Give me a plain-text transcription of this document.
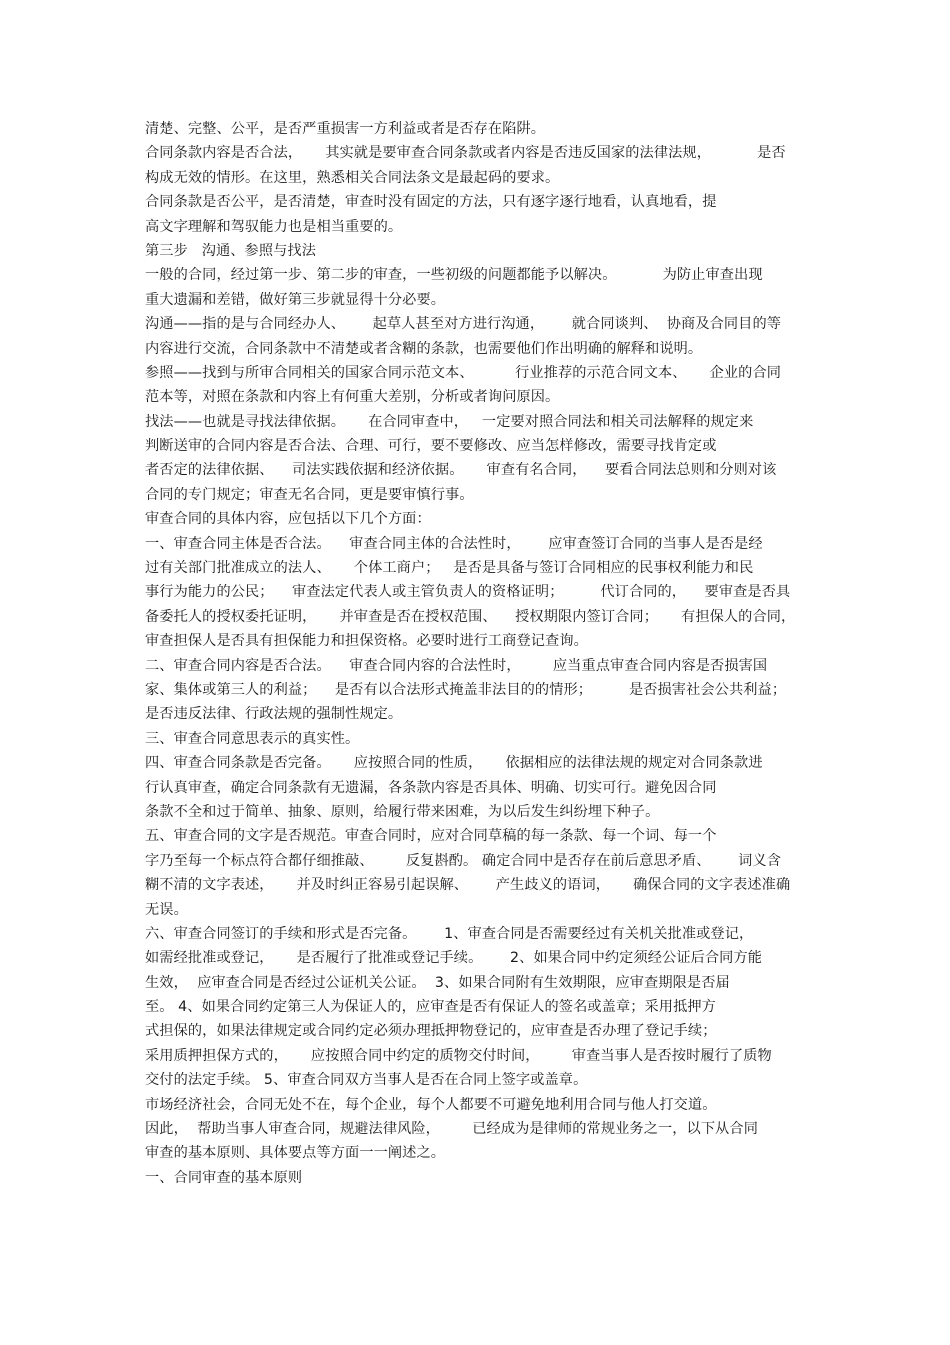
清楚、完整、公平，是否严重损害一方利益或者是否存在陷阱。
合同条款内容是否合法，     其实就是要审查合同条款或者内容是否违反国家的法律法规，          是否
构成无效的情形。在这里，熟悉相关合同法条文是最起码的要求。
合同条款是否公平，是否清楚，审查时没有固定的方法，只有逐字逐行地看，认真地看，提
高文字理解和驾驭能力也是相当重要的。
第三步   沟通、参照与找法
一般的合同，经过第一步、第二步的审查，一些初级的问题都能予以解决。          为防止审查出现
重大遗漏和差错，做好第三步就显得十分必要。
沟通——指的是与合同经办人、      起草人甚至对方进行沟通，      就合同谈判、  协商及合同目的等
内容进行交流，合同条款中不清楚或者含糊的条款，也需要他们作出明确的解释和说明。
参照——找到与所审合同相关的国家合同示范文本、         行业推荐的示范合同文本、     企业的合同
范本等，对照在条款和内容上有何重大差别，分析或者询问原因。
找法——也就是寻找法律依据。     在合同审查中，   一定要对照合同法和相关司法解释的规定来
判断送审的合同内容是否合法、合理、可行，要不要修改、应当怎样修改，需要寻找肯定或
者否定的法律依据、    司法实践依据和经济依据。     审查有名合同，    要看合同法总则和分则对该
合同的专门规定；审查无名合同，更是要审慎行事。
审查合同的具体内容，应包括以下几个方面：
一、审查合同主体是否合法。    审查合同主体的合法性时，      应审查签订合同的当事人是否是经
过有关部门批准成立的法人、     个体工商户；   是否是具备与签订合同相应的民事权利能力和民
事行为能力的公民；    审查法定代表人或主管负责人的资格证明；        代订合同的，    要审查是否具
备委托人的授权委托证明，     并审查是否在授权范围、    授权期限内签订合同；     有担保人的合同，
审查担保人是否具有担保能力和担保资格。必要时进行工商登记查询。
二、审查合同内容是否合法。    审查合同内容的合法性时，       应当重点审查合同内容是否损害国
家、集体或第三人的利益；    是否有以合法形式掩盖非法目的的情形；        是否损害社会公共利益；
是否违反法律、行政法规的强制性规定。
三、审查合同意思表示的真实性。
四、审查合同条款是否完备。     应按照合同的性质，     依据相应的法律法规的规定对合同条款进
行认真审查，确定合同条款有无遗漏，各条款内容是否具体、明确、切实可行。避免因合同
条款不全和过于简单、抽象、原则，给履行带来困难，为以后发生纠纷埋下种子。
五、审查合同的文字是否规范。审查合同时，应对合同草稿的每一条款、每一个词、每一个
字乃至每一个标点符合都仔细推敲、       反复斟酌。 确定合同中是否存在前后意思矛盾、      词义含
糊不清的文字表述，     并及时纠正容易引起误解、      产生歧义的语词，     确保合同的文字表述准确
无误。
六、审查合同签订的手续和形式是否完备。      1、审查合同是否需要经过有关机关批准或登记，
如需经批准或登记，     是否履行了批准或登记手续。      2、如果合同中约定须经公证后合同方能
生效，  应审查合同是否经过公证机关公证。  3、如果合同附有生效期限，应审查期限是否届
至。 4、如果合同约定第三人为保证人的，应审查是否有保证人的签名或盖章；采用抵押方
式担保的，如果法律规定或合同约定必须办理抵押物登记的，应审查是否办理了登记手续；
采用质押担保方式的，     应按照合同中约定的质物交付时间，       审查当事人是否按时履行了质物
交付的法定手续。 5、审查合同双方当事人是否在合同上签字或盖章。
市场经济社会，合同无处不在，每个企业，每个人都要不可避免地利用合同与他人打交道。
因此，  帮助当事人审查合同，规避法律风险，       已经成为是律师的常规业务之一，以下从合同
审查的基本原则、具体要点等方面一一阐述之。
一、合同审查的基本原则
